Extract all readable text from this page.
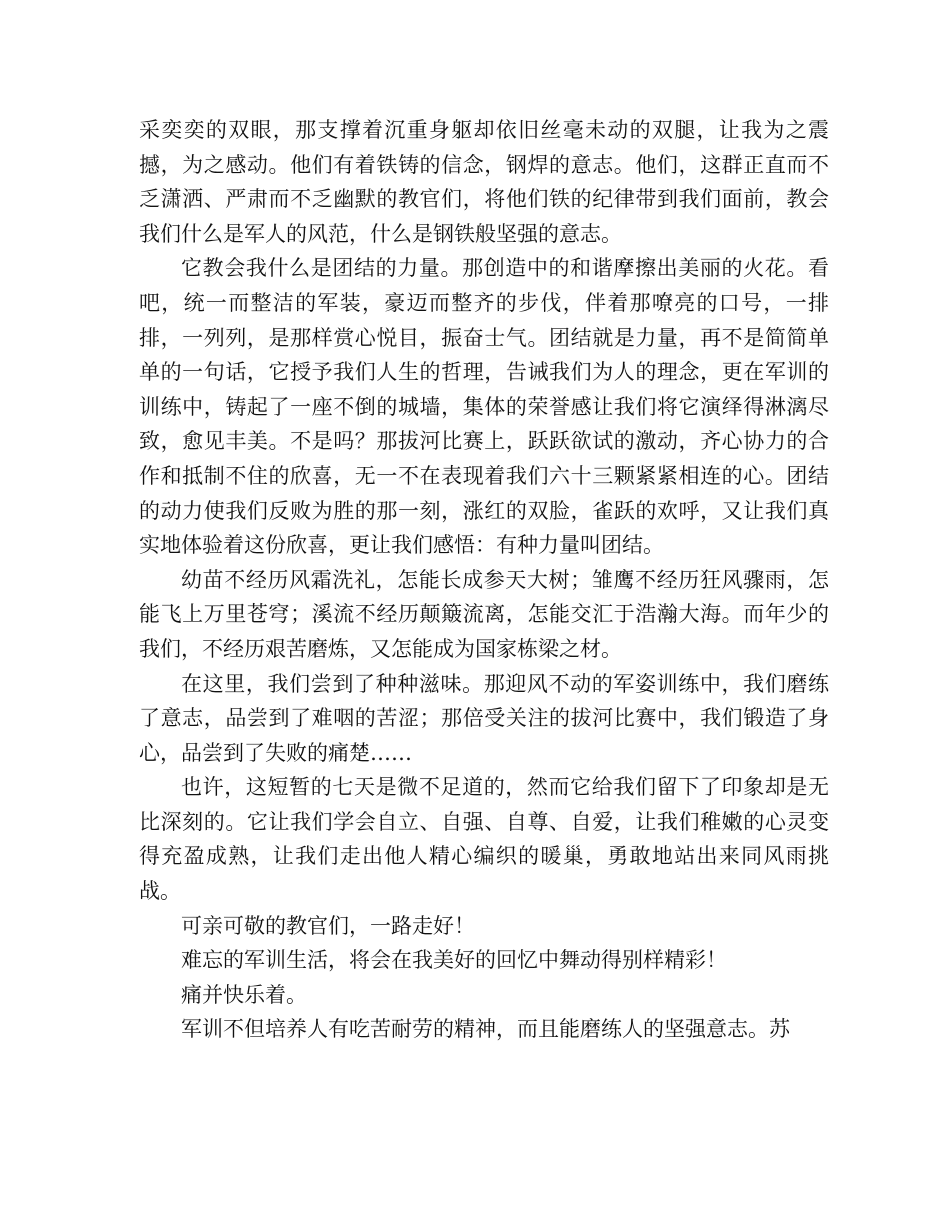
采奕奕的双眼，那支撑着沉重身躯却依旧丝毫未动的双腿，让我为之震撼，为之感动。他们有着铁铸的信念，钢焊的意志。他们，这群正直而不乏潇洒、严肃而不乏幽默的教官们，将他们铁的纪律带到我们面前，教会我们什么是军人的风范，什么是钢铁般坚强的意志。

它教会我什么是团结的力量。那创造中的和谐摩擦出美丽的火花。看吧，统一而整洁的军装，豪迈而整齐的步伐，伴着那嘹亮的口号，一排排，一列列，是那样赏心悦目，振奋士气。团结就是力量，再不是简简单单的一句话，它授予我们人生的哲理，告诫我们为人的理念，更在军训的训练中，铸起了一座不倒的城墙，集体的荣誉感让我们将它演绎得淋漓尽致，愈见丰美。不是吗？那拔河比赛上，跃跃欲试的激动，齐心协力的合作和抵制不住的欣喜，无一不在表现着我们六十三颗紧紧相连的心。团结的动力使我们反败为胜的那一刻，涨红的双脸，雀跃的欢呼，又让我们真实地体验着这份欣喜，更让我们感悟：有种力量叫团结。

幼苗不经历风霜洗礼，怎能长成参天大树；雏鹰不经历狂风骤雨，怎能飞上万里苍穹；溪流不经历颠簸流离，怎能交汇于浩瀚大海。而年少的我们，不经历艰苦磨炼，又怎能成为国家栋梁之材。

在这里，我们尝到了种种滋味。那迎风不动的军姿训练中，我们磨练了意志，品尝到了难咽的苦涩；那倍受关注的拔河比赛中，我们锻造了身心，品尝到了失败的痛楚……

也许，这短暂的七天是微不足道的，然而它给我们留下了印象却是无比深刻的。它让我们学会自立、自强、自尊、自爱，让我们稚嫩的心灵变得充盈成熟，让我们走出他人精心编织的暖巢，勇敢地站出来同风雨挑战。

可亲可敬的教官们，一路走好！

难忘的军训生活，将会在我美好的回忆中舞动得别样精彩！

痛并快乐着。

军训不但培养人有吃苦耐劳的精神，而且能磨练人的坚强意志。苏
